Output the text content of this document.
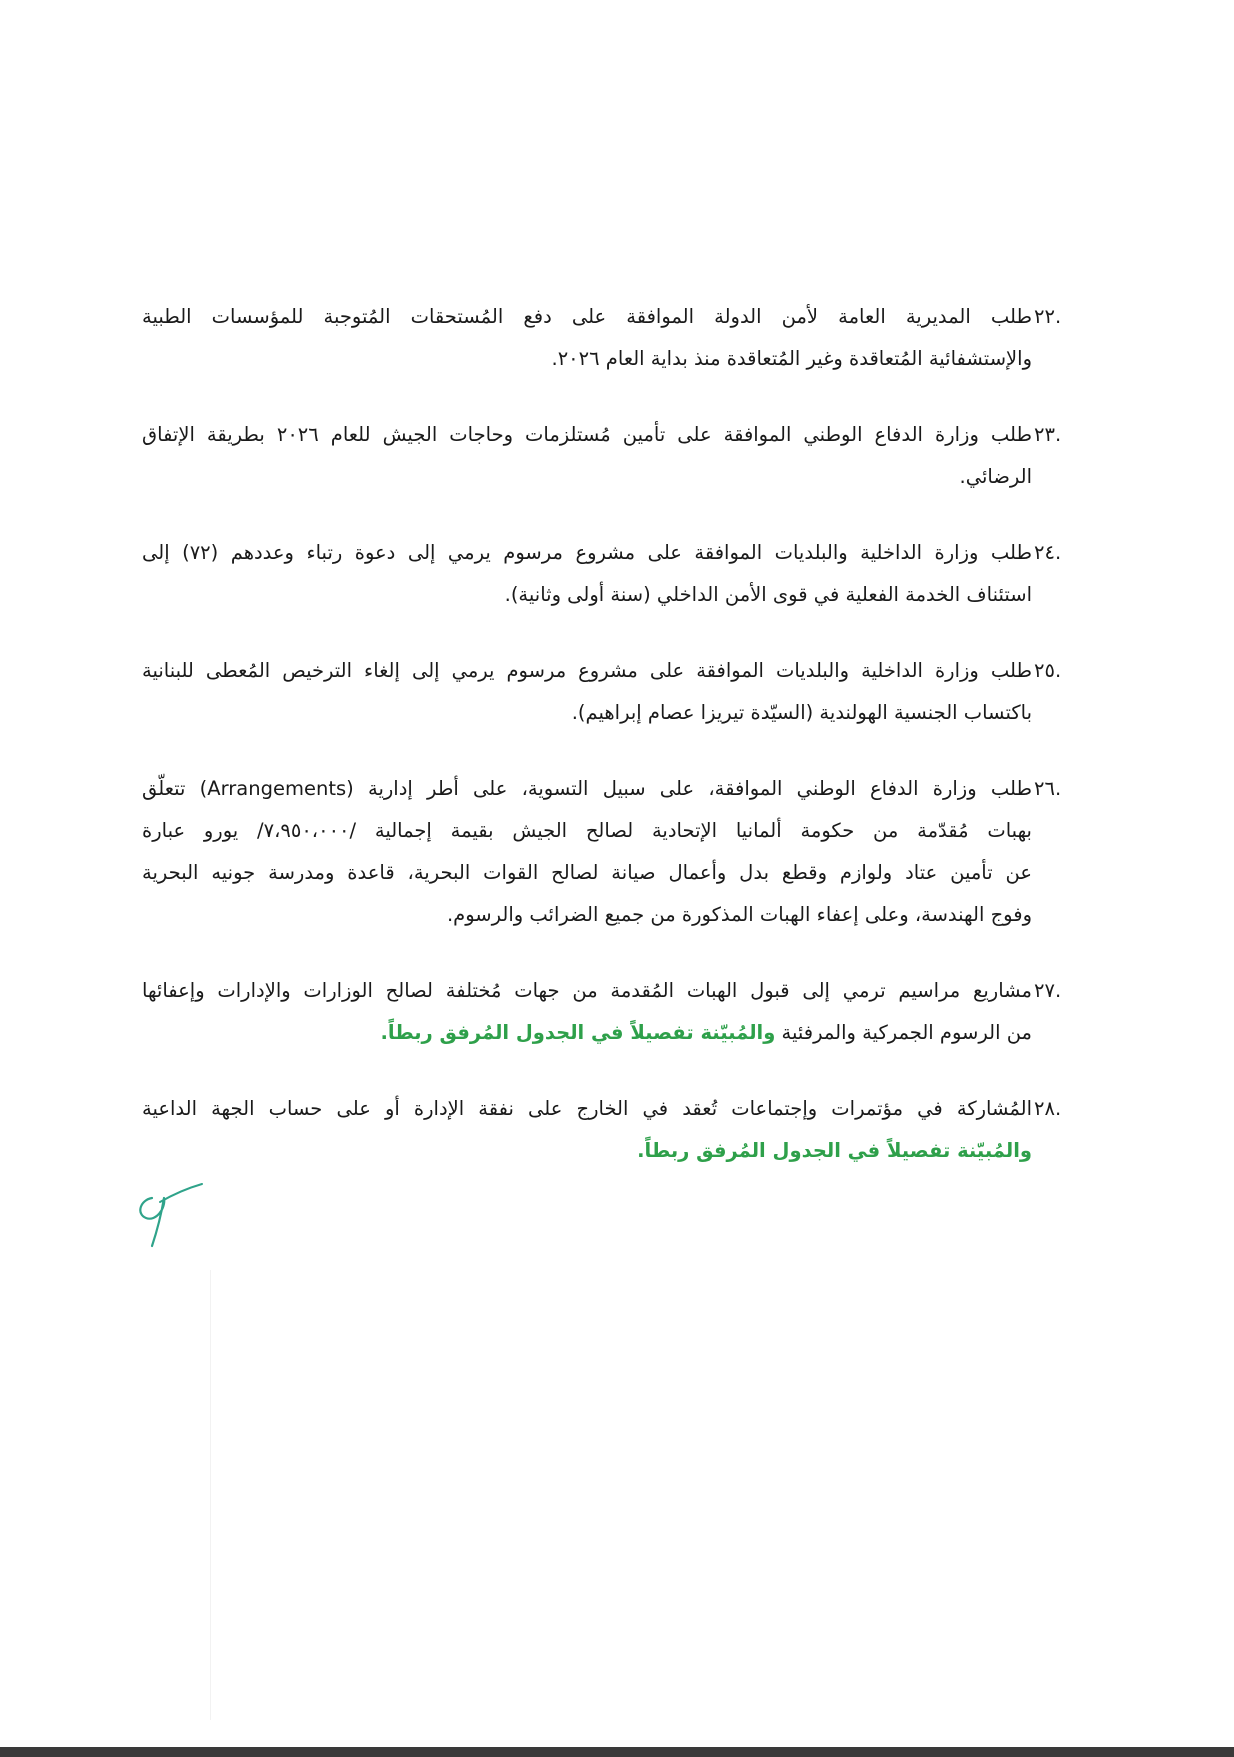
٢٢.
طلب المديرية العامة لأمن الدولة الموافقة على دفع المُستحقات المُتوجبة للمؤسسات الطبية
والإستشفائية المُتعاقدة وغير المُتعاقدة منذ بداية العام ٢٠٢٦.
٢٣.
طلب وزارة الدفاع الوطني الموافقة على تأمين مُستلزمات وحاجات الجيش للعام ٢٠٢٦ بطريقة الإتفاق
الرضائي.
٢٤.
طلب وزارة الداخلية والبلديات الموافقة على مشروع مرسوم يرمي إلى دعوة رتباء وعددهم (٧٢) إلى
استئناف الخدمة الفعلية في قوى الأمن الداخلي (سنة أولى وثانية).
٢٥.
طلب وزارة الداخلية والبلديات الموافقة على مشروع مرسوم يرمي إلى إلغاء الترخيص المُعطى للبنانية
باكتساب الجنسية الهولندية (السيّدة تيريزا عصام إبراهيم).
٢٦.
طلب وزارة الدفاع الوطني الموافقة، على سبيل التسوية، على أطر إدارية (Arrangements) تتعلّق
بهبات مُقدّمة من حكومة ألمانيا الإتحادية لصالح الجيش بقيمة إجمالية /٧،٩٥٠،٠٠٠/ يورو عبارة
عن تأمين عتاد ولوازم وقطع بدل وأعمال صيانة لصالح القوات البحرية، قاعدة ومدرسة جونيه البحرية
وفوج الهندسة، وعلى إعفاء الهبات المذكورة من جميع الضرائب والرسوم.
٢٧.
مشاريع مراسيم ترمي إلى قبول الهبات المُقدمة من جهات مُختلفة لصالح الوزارات والإدارات وإعفائها
من الرسوم الجمركية والمرفئية والمُبيّنة تفصيلاً في الجدول المُرفق ربطاً.
٢٨.
المُشاركة في مؤتمرات وإجتماعات تُعقد في الخارج على نفقة الإدارة أو على حساب الجهة الداعية
والمُبيّنة تفصيلاً في الجدول المُرفق ربطاً.
